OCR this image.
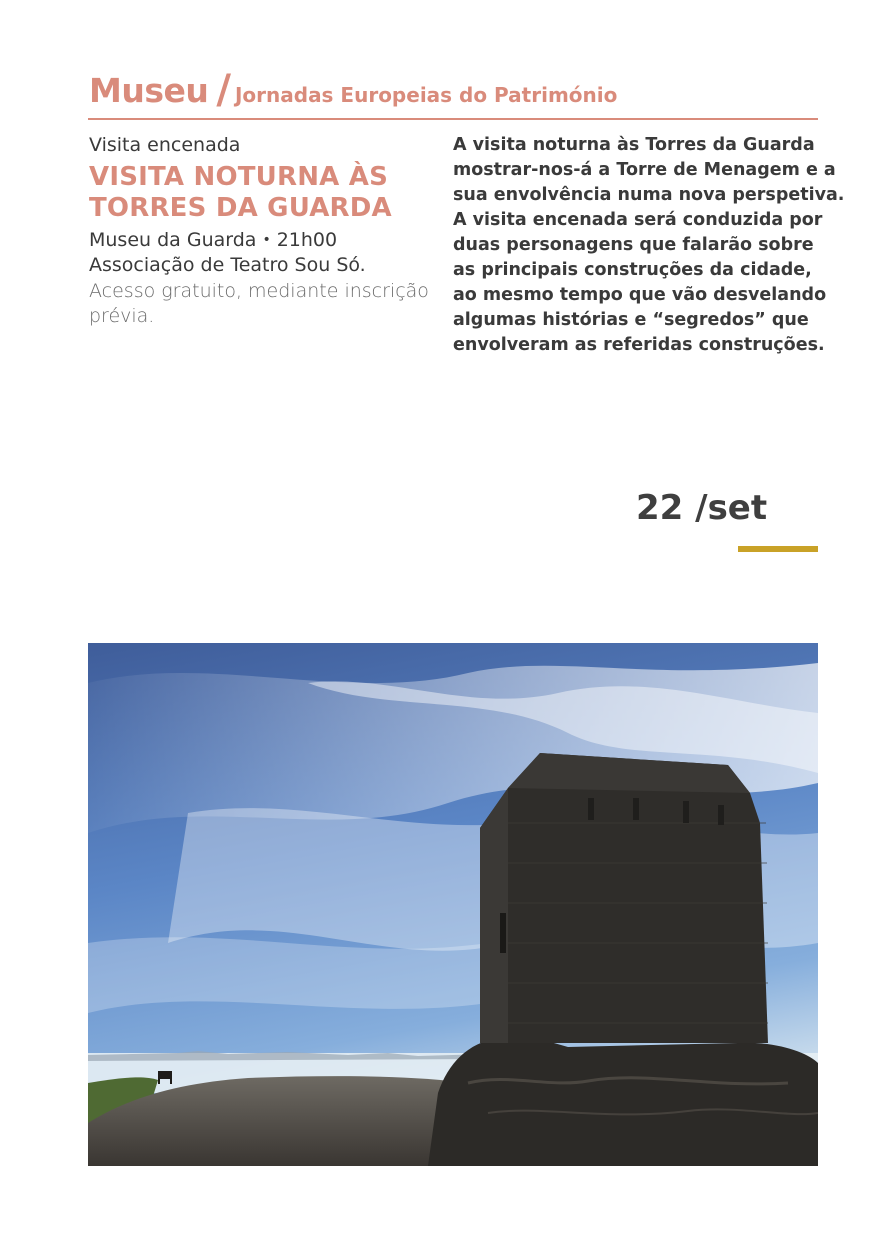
Museu / Jornadas Europeias do Património
Visita encenada
VISITA NOTURNA ÀS
TORRES DA GUARDA
Museu da Guarda • 21h00
Associação de Teatro Sou Só.
Acesso gratuito, mediante inscrição
prévia.
A visita noturna às Torres da Guarda
mostrar-nos-á a Torre de Menagem e a
sua envolvência numa nova perspetiva.
A visita encenada será conduzida por
duas personagens que falarão sobre
as principais construções da cidade,
ao mesmo tempo que vão desvelando
algumas histórias e “segredos” que
envolveram as referidas construções.
22 /set
